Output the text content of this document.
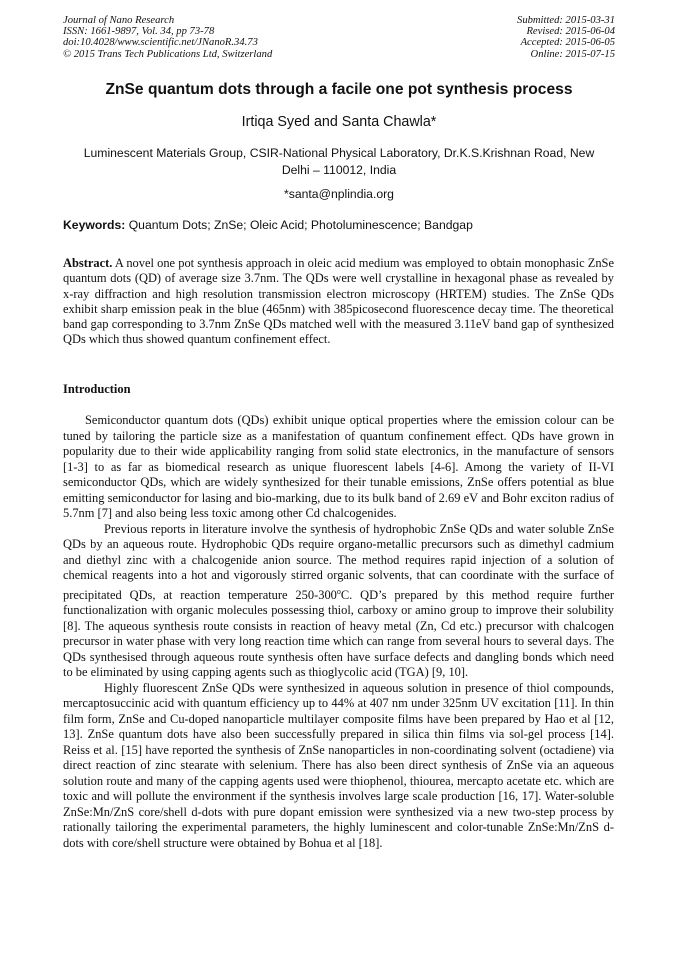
Journal of Nano Research
ISSN: 1661-9897, Vol. 34, pp 73-78
doi:10.4028/www.scientific.net/JNanoR.34.73
© 2015 Trans Tech Publications Ltd, Switzerland
Submitted: 2015-03-31
Revised: 2015-06-04
Accepted: 2015-06-05
Online: 2015-07-15
ZnSe quantum dots through a facile one pot synthesis process
Irtiqa Syed and Santa Chawla*
Luminescent Materials Group, CSIR-National Physical Laboratory, Dr.K.S.Krishnan Road, New
Delhi – 110012, India
*santa@nplindia.org
Keywords: Quantum Dots; ZnSe; Oleic Acid; Photoluminescence; Bandgap
Abstract. A novel one pot synthesis approach in oleic acid medium was employed to obtain monophasic ZnSe quantum dots (QD) of average size 3.7nm. The QDs were well crystalline in hexagonal phase as revealed by x-ray diffraction and high resolution transmission electron microscopy (HRTEM) studies. The ZnSe QDs exhibit sharp emission peak in the blue (465nm) with 385picosecond fluorescence decay time. The theoretical band gap corresponding to 3.7nm ZnSe QDs matched well with the measured 3.11eV band gap of synthesized QDs which thus showed quantum confinement effect.
Introduction

Semiconductor quantum dots (QDs) exhibit unique optical properties where the emission colour can be tuned by tailoring the particle size as a manifestation of quantum confinement effect. QDs have grown in popularity due to their wide applicability ranging from solid state electronics, in the manufacture of sensors [1-3] to as far as biomedical research as unique fluorescent labels [4-6]. Among the variety of II-VI semiconductor QDs, which are widely synthesized for their tunable emissions, ZnSe offers potential as blue emitting semiconductor for lasing and bio-marking, due to its bulk band of 2.69 eV and Bohr exciton radius of 5.7nm [7] and also being less toxic among other Cd chalcogenides.

Previous reports in literature involve the synthesis of hydrophobic ZnSe QDs and water soluble ZnSe QDs by an aqueous route. Hydrophobic QDs require organo-metallic precursors such as dimethyl cadmium and diethyl zinc with a chalcogenide anion source. The method requires rapid injection of a solution of chemical reagents into a hot and vigorously stirred organic solvents, that can coordinate with the surface of precipitated QDs, at reaction temperature 250-300$^o$C. QD’s prepared by this method require further functionalization with organic molecules possessing thiol, carboxy or amino group to improve their solubility [8]. The aqueous synthesis route consists in reaction of heavy metal (Zn, Cd etc.) precursor with chalcogen precursor in water phase with very long reaction time which can range from several hours to several days. The QDs synthesised through aqueous route synthesis often have surface defects and dangling bonds which need to be eliminated by using capping agents such as thioglycolic acid (TGA) [9, 10].

Highly fluorescent ZnSe QDs were synthesized in aqueous solution in presence of thiol compounds, mercaptosuccinic acid with quantum efficiency up to 44% at 407 nm under 325nm UV excitation [11]. In thin film form, ZnSe and Cu-doped nanoparticle multilayer composite films have been prepared by Hao et al [12, 13]. ZnSe quantum dots have also been successfully prepared in silica thin films via sol-gel process [14]. Reiss et al. [15] have reported the synthesis of ZnSe nanoparticles in non-coordinating solvent (octadiene) via direct reaction of zinc stearate with selenium. There has also been direct synthesis of ZnSe via an aqueous solution route and many of the capping agents used were thiophenol, thiourea, mercapto acetate etc. which are toxic and will pollute the environment if the synthesis involves large scale production [16, 17]. Water-soluble ZnSe:Mn/ZnS core/shell d-dots with pure dopant emission were synthesized via a new two-step process by rationally tailoring the experimental parameters, the highly luminescent and color-tunable ZnSe:Mn/ZnS d-dots with core/shell structure were obtained by Bohua et al [18].
